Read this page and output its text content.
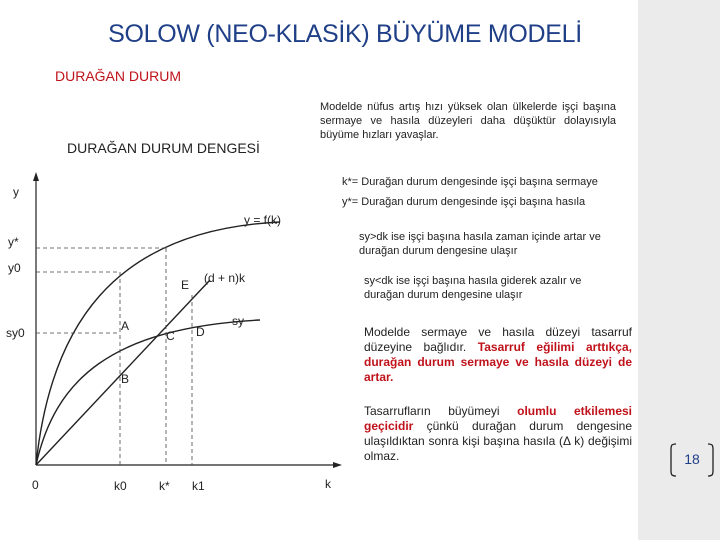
SOLOW (NEO-KLASİK) BÜYÜME MODELİ
DURAĞAN DURUM
DURAĞAN DURUM DENGESİ
Modelde nüfus artış hızı yüksek olan ülkelerde işçi başına sermaye ve hasıla düzeyleri daha düşüktür dolayısıyla büyüme hızları yavaşlar.
y
k
y*
y0
sy0
0	k0	k* k1
y = f(k)
sy
(d + n)k
A
B
C D
E
k*= Durağan durum dengesinde işçi başına sermaye
y*= Durağan durum dengesinde işçi başına hasıla
sy>dk ise işçi başına hasıla zaman içinde artar ve durağan durum dengesine ulaşır
sy<dk ise işçi başına hasıla giderek azalır ve durağan durum dengesine ulaşır
Modelde sermaye ve hasıla düzeyi tasarruf düzeyine bağlıdır. Tasarruf eğilimi arttıkça, durağan durum sermaye ve hasıla düzeyi de artar.
Tasarrufların büyümeyi olumlu etkilemesi geçicidir çünkü durağan durum dengesine ulaşıldıktan sonra kişi başına hasıla (Δ k) değişimi olmaz.	18
